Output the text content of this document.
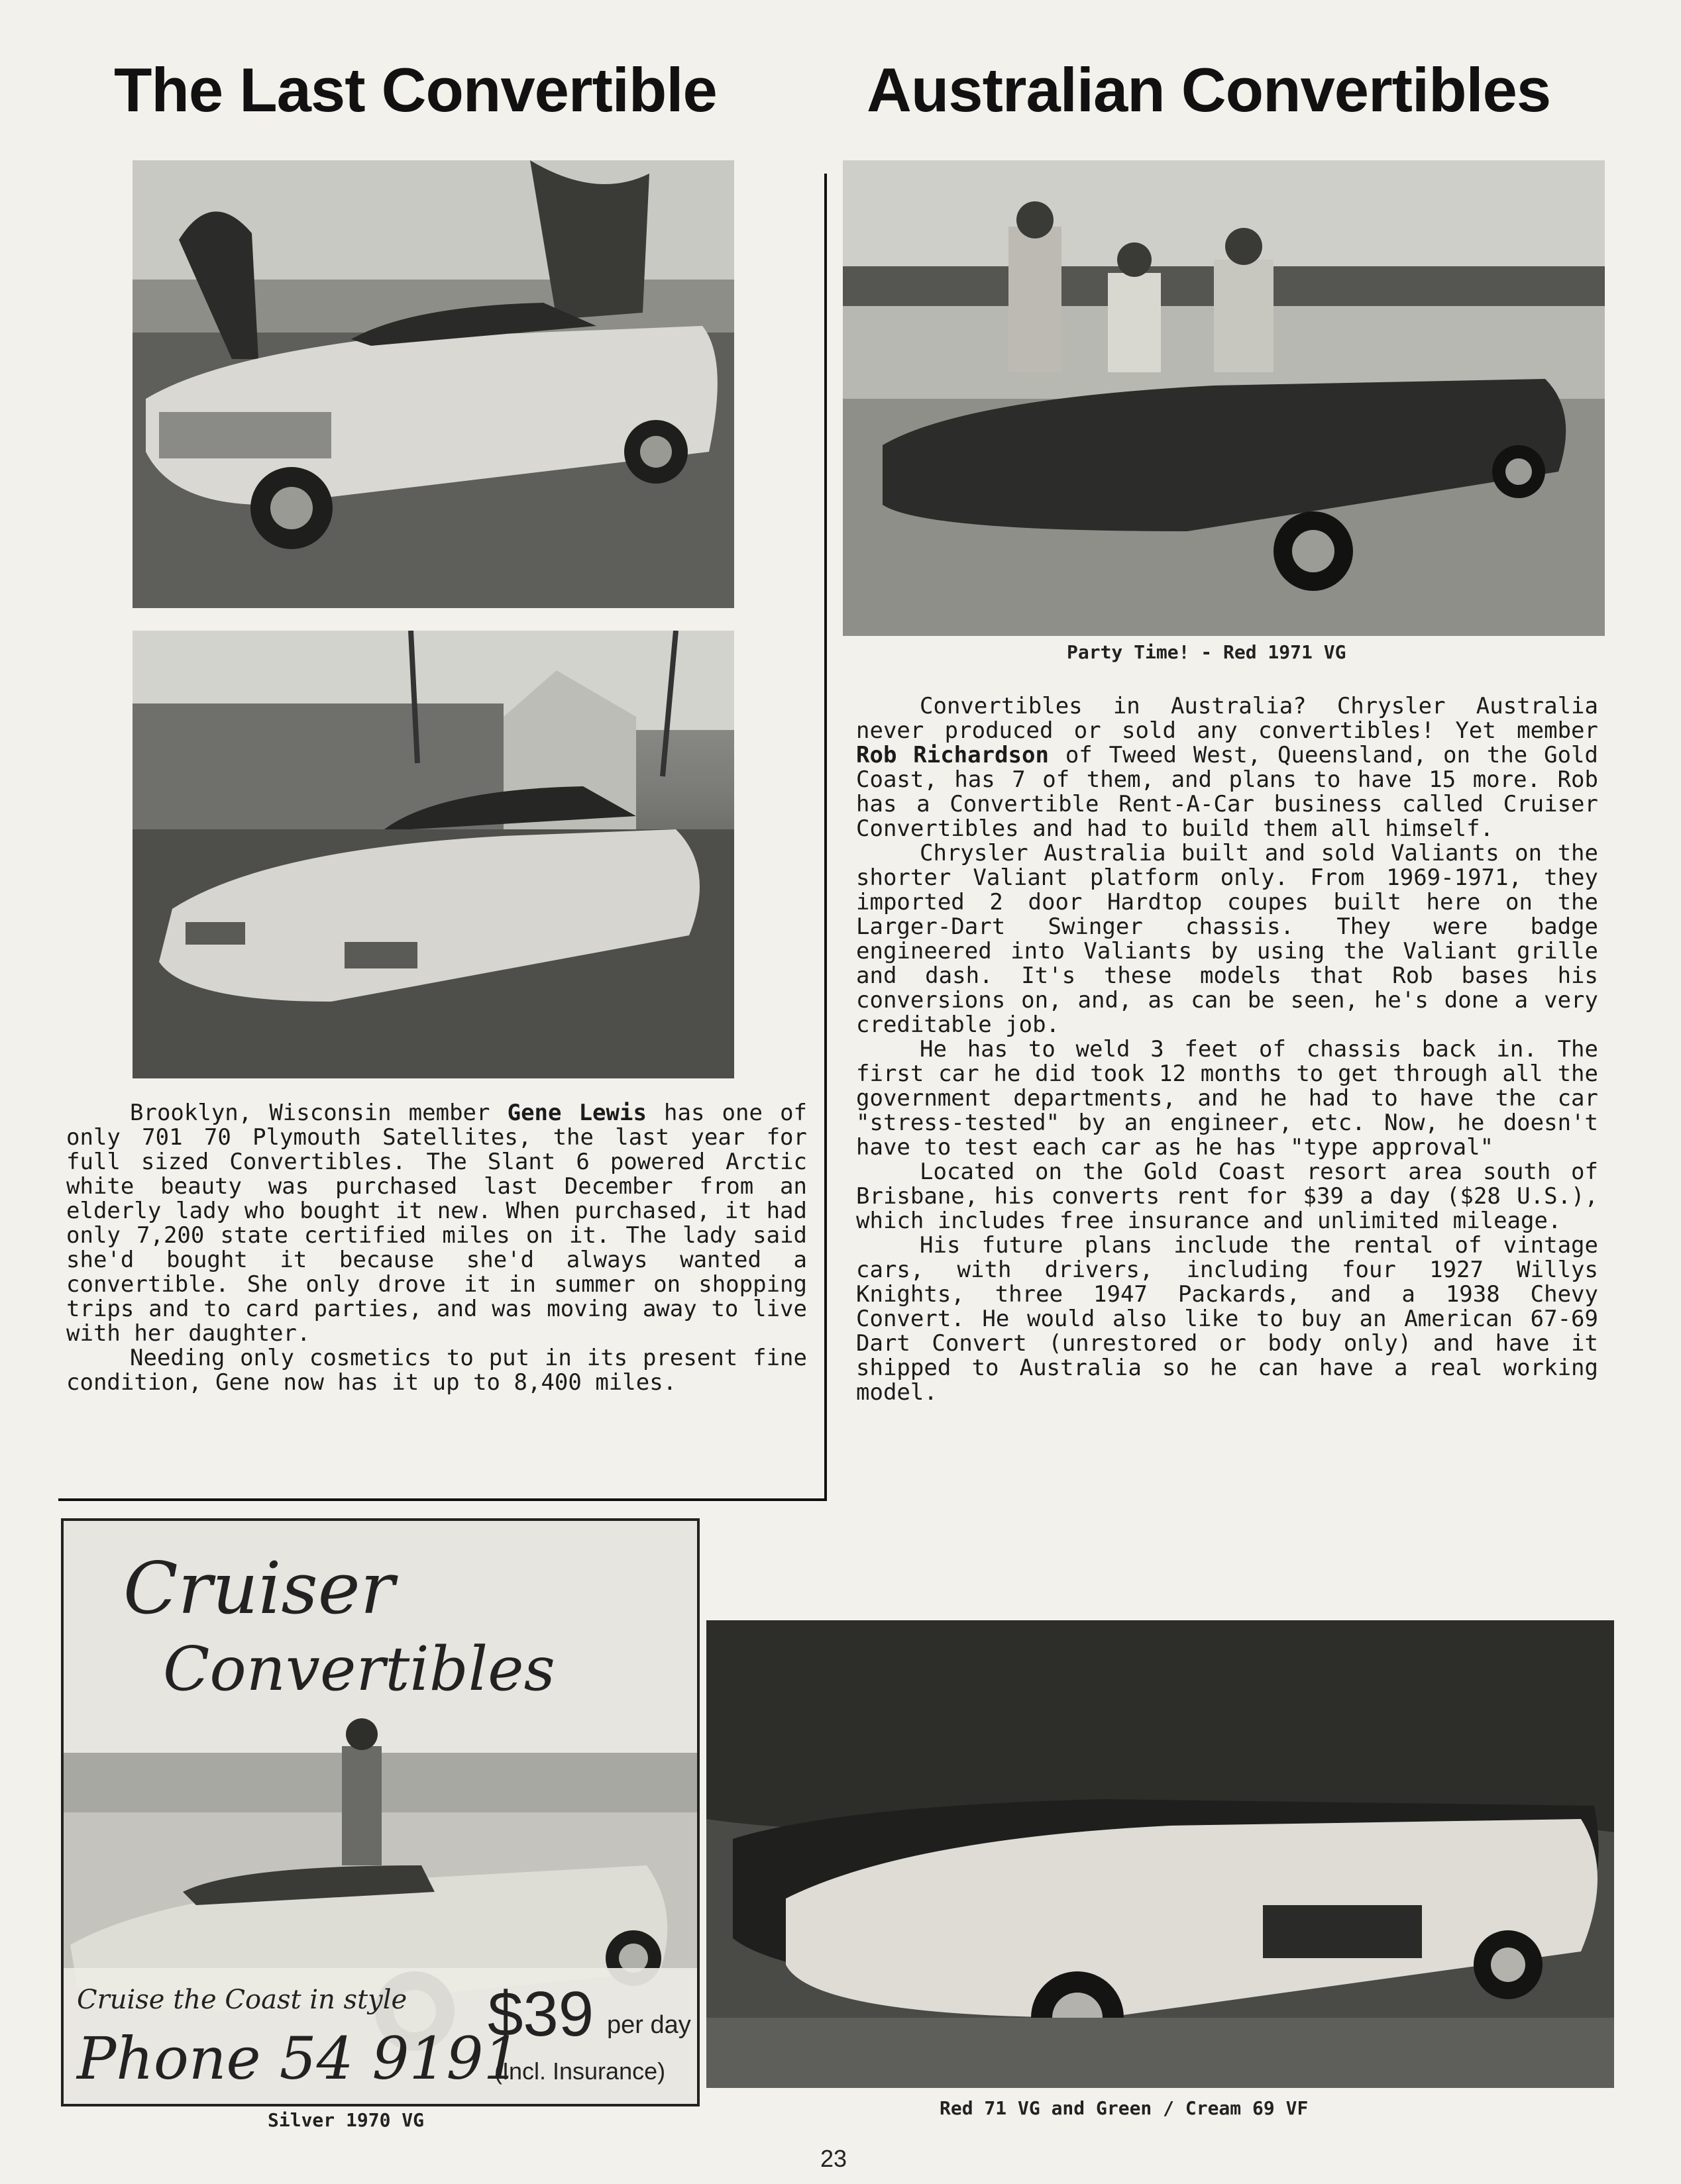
The Last Convertible Australian Convertibles

Brooklyn, Wisconsin member Gene Lewis has one of only 701 70 Plymouth Satellites, the last year for full sized Convertibles. The Slant 6 powered Arctic white beauty was purchased last December from an elderly lady who bought it new. When purchased, it had only 7,200 state certified miles on it. The lady said she'd bought it because she'd always wanted a convertible. She only drove it in summer on shopping trips and to card parties, and was moving away to live with her daughter.

Needing only cosmetics to put in its present fine condition, Gene now has it up to 8,400 miles.

Party Time! - Red 1971 VG

Convertibles in Australia? Chrysler Australia never produced or sold any convertibles! Yet member Rob Richardson of Tweed West, Queensland, on the Gold Coast, has 7 of them, and plans to have 15 more. Rob has a Convertible Rent-A-Car business called Cruiser Convertibles and had to build them all himself.

Chrysler Australia built and sold Valiants on the shorter Valiant platform only. From 1969-1971, they imported 2 door Hardtop coupes built here on the Larger-Dart Swinger chassis. They were badge engineered into Valiants by using the Valiant grille and dash. It's these models that Rob bases his conversions on, and, as can be seen, he's done a very creditable job.

He has to weld 3 feet of chassis back in. The first car he did took 12 months to get through all the government departments, and he had to have the car "stress-tested" by an engineer, etc. Now, he doesn't have to test each car as he has "type approval"

Located on the Gold Coast resort area south of Brisbane, his converts rent for $39 a day ($28 U.S.), which includes free insurance and unlimited mileage.

His future plans include the rental of vintage cars, with drivers, including four 1927 Willys Knights, three 1947 Packards, and a 1938 Chevy Convert. He would also like to buy an American 67-69 Dart Convert (unrestored or body only) and have it shipped to Australia so he can have a real working model.

Cruiser
Convertibles
Cruise the Coast in style
Phone 54 9191
$39 per day
(Incl. Insurance)
Silver 1970 VG
Red 71 VG and Green / Cream 69 VF
23
